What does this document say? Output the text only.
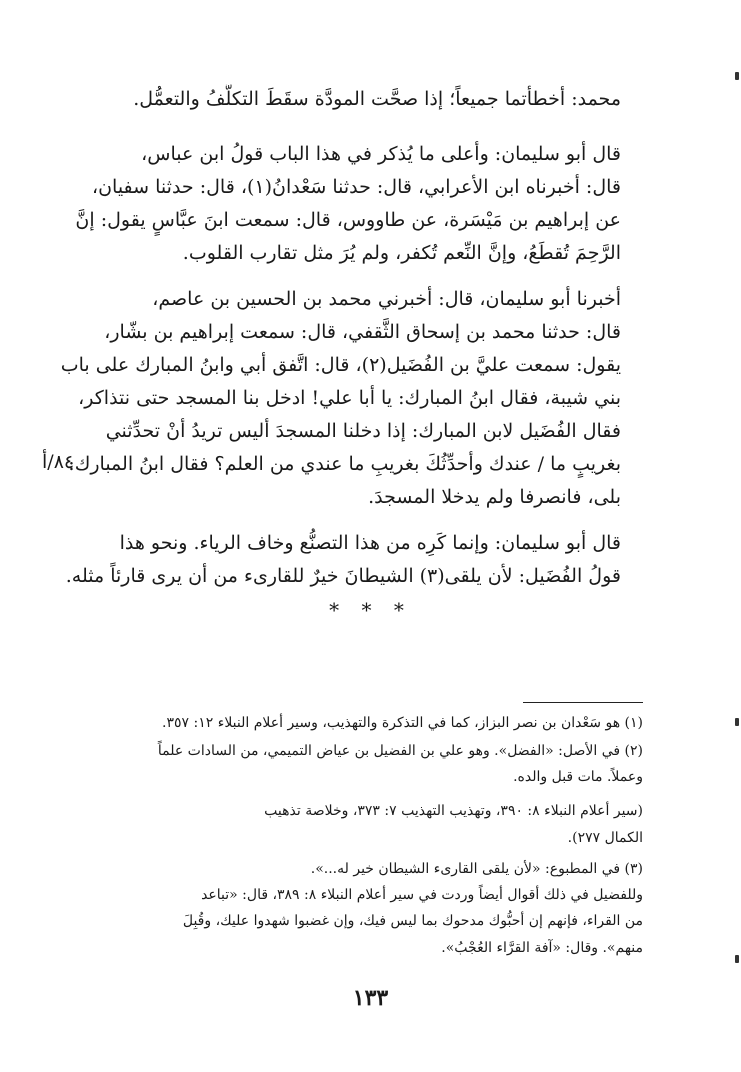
محمد: أخطأتما جميعاً؛ إذا صحَّت المودَّة سقَطَ التكلُّفُ والتعمُّل.
قال أبو سليمان: وأعلى ما يُذكر في هذا الباب قولُ ابن عباس،
قال: أخبرناه ابن الأعرابي، قال: حدثنا سَعْدانُ(١)، قال: حدثنا سفيان،
عن إبراهيم بن مَيْسَرة، عن طاووس، قال: سمعت ابنَ عبَّاسٍ يقول: إنَّ
الرَّحِمَ تُقطَعُ، وإنَّ النِّعم تُكفر، ولم يُرَ مثل تقارب القلوب.
أخبرنا أبو سليمان، قال: أخبرني محمد بن الحسين بن عاصم،
قال: حدثنا محمد بن إسحاق الثَّقفي، قال: سمعت إبراهيم بن بشّار،
يقول: سمعت عليَّ بن الفُضَيل(٢)، قال: اتَّفق أبي وابنُ المبارك على باب
بني شيبة، فقال ابنُ المبارك: يا أبا علي! ادخل بنا المسجد حتى نتذاكر،
فقال الفُضَيل لابن المبارك: إذا دخلنا المسجدَ أليس تريدُ أنْ تحدِّثني
بغريبٍ ما / عندك وأحدِّثُكَ بغريبِ ما عندي من العلم؟ فقال ابنُ المبارك:
بلى، فانصرفا ولم يدخلا المسجدَ.
٨٤/أ
قال أبو سليمان: وإنما كَرِه من هذا التصنُّع وخاف الرياء. ونحو هذا
قولُ الفُضَيل: لأن يلقى(٣) الشيطانَ خيرٌ للقارىء من أن يرى قارئاً مثله.
* * *
(١) هو سَعْدان بن نصر البزاز، كما في التذكرة والتهذيب، وسير أعلام النبلاء ١٢: ٣٥٧.
(٢) في الأصل: «الفضل». وهو علي بن الفضيل بن عياض التميمي، من السادات علماً
وعملاً. مات قبل والده.
(سير أعلام النبلاء ٨: ٣٩٠، وتهذيب التهذيب ٧: ٣٧٣، وخلاصة تذهيب
الكمال ٢٧٧).
(٣) في المطبوع: «لأن يلقى القارىء الشيطان خير له...».
وللفضيل في ذلك أقوال أيضاً وردت في سير أعلام النبلاء ٨: ٣٨٩، قال: «تباعد
من القراء، فإنهم إن أحبُّوك مدحوك بما ليس فيك، وإن غضبوا شهدوا عليك، وقُبِلَ
منهم». وقال: «آفة القرَّاء العُجْبُ».
١٣٣
